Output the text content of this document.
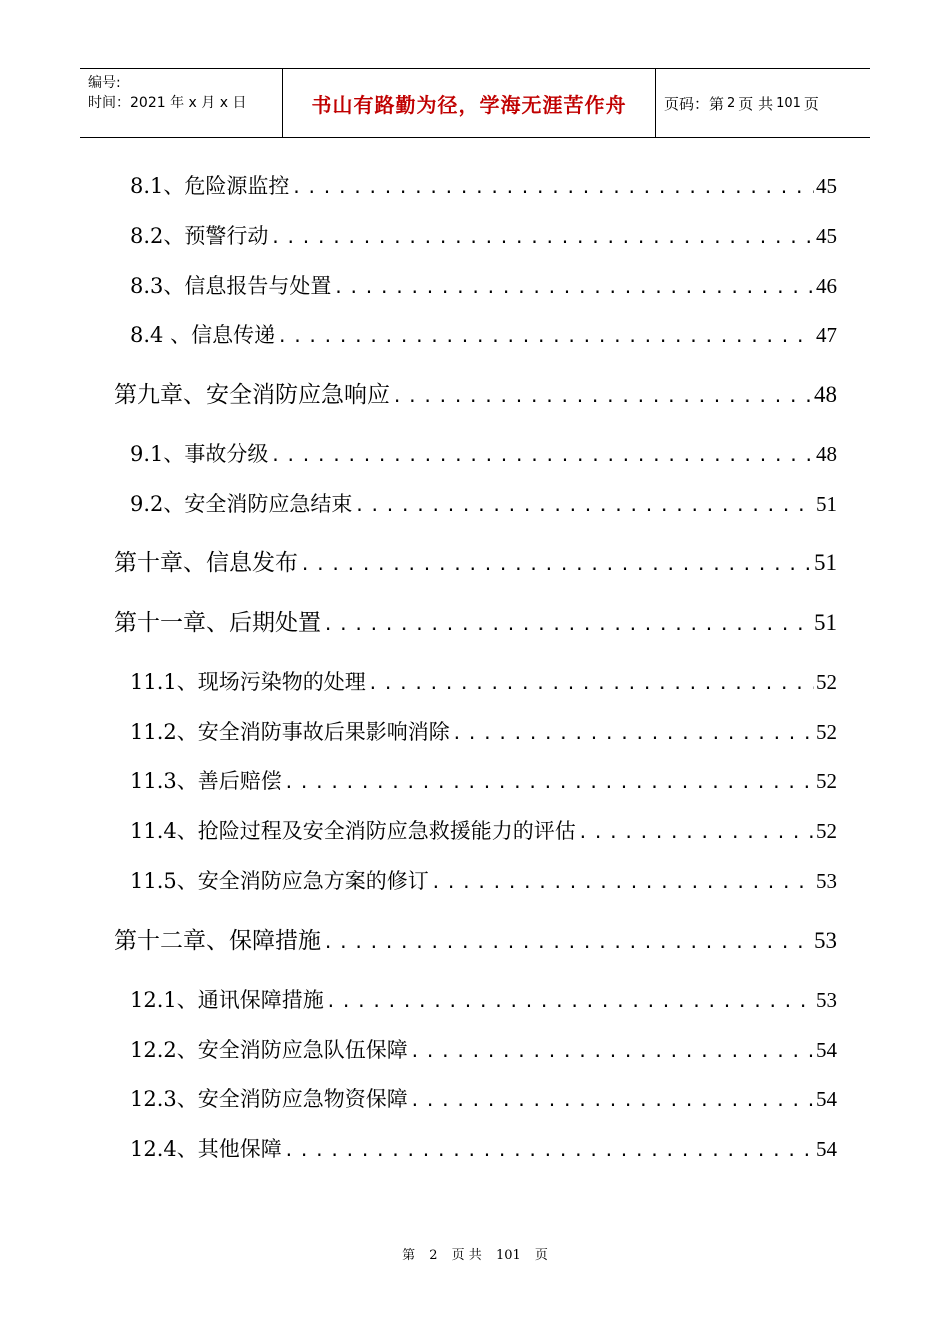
编号:
时间：2021 年 x 月 x 日	书山有路勤为径，学海无涯苦作舟	页码：第 2 页 共 101 页
8.1、危险源监控 .....	45
8.2、预警行动 .....	45
8.3、信息报告与处置 .....	46
8.4 、信息传递 .....	47
第九章、安全消防应急响应 .....	48
9.1、事故分级 .....	48
9.2、安全消防应急结束 .....	51
第十章、信息发布 .....	51
第十一章、后期处置 .....	51
11.1、现场污染物的处理 .....	52
11.2、安全消防事故后果影响消除 .....	52
11.3、善后赔偿 .....	52
11.4、抢险过程及安全消防应急救援能力的评估 .....	52
11.5、安全消防应急方案的修订 .....	53
第十二章、保障措施 .....	53
12.1、通讯保障措施 .....	53
12.2、安全消防应急队伍保障 .....	54
12.3、安全消防应急物资保障 .....	54
12.4、其他保障 .....	54
第 2 页 共 101 页
